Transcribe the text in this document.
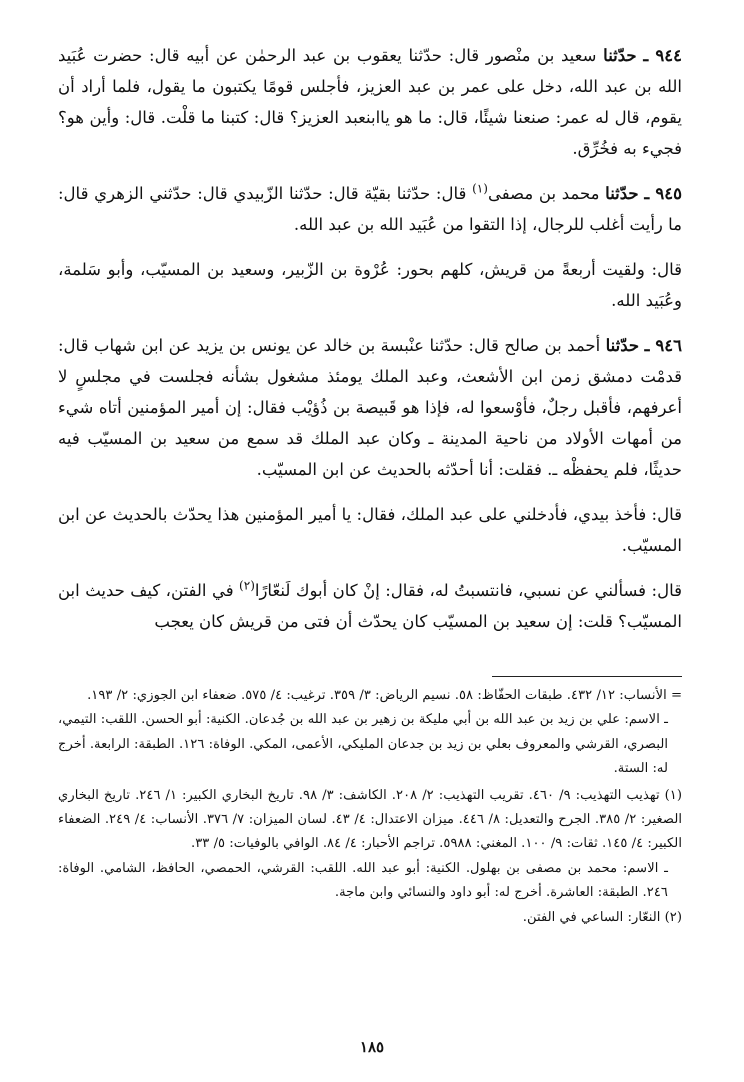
٩٤٤ ـ حدّثنا سعيد بن منْصور قال: حدّثنا يعقوب بن عبد الرحمٰن عن أبيه قال: حضرت عُبَيد الله بن عبد الله، دخل على عمر بن عبد العزيز، فأجلس قومًا يكتبون ما يقول، فلما أراد أن يقوم، قال له عمر: صنعنا شيئًا، قال: ما هو ياابنعبد العزيز؟ قال: كتبنا ما قلْت. قال: وأين هو؟ فجيء به فخُرِّق.

٩٤٥ ـ حدّثنا محمد بن مصفى$^{(١)}$ قال: حدّثنا بقيّة قال: حدّثنا الزّبيدي قال: حدّثني الزهري قال: ما رأيت أغلب للرجال، إذا التقوا من عُبَيد الله بن عبد الله.

قال: ولقيت أربعةً من قريش، كلهم بحور: عُرْوة بن الزّبير، وسعيد بن المسيّب، وأبو سَلمة، وعُبَيد الله.

٩٤٦ ـ حدّثنا أحمد بن صالح قال: حدّثنا عنْبسة بن خالد عن يونس بن يزيد عن ابن شهاب قال: قدمْت دمشق زمن ابن الأشعث، وعبد الملك يومئذ مشغول بشأنه فجلست في مجلسٍ لا أعرفهم، فأقبل رجلٌ، فأوْسعوا له، فإذا هو قَبيصة بن ذُؤيْب فقال: إن أمير المؤمنين أتاه شيء من أمهات الأولاد من ناحية المدينة ـ وكان عبد الملك قد سمع من سعيد بن المسيّب فيه حديثًا، فلم يحفظْه ـ. فقلت: أنا أحدّثه بالحديث عن ابن المسيّب.

قال: فأخذ بيدي، فأدخلني على عبد الملك، فقال: يا أمير المؤمنين هذا يحدّث بالحديث عن ابن المسيّب.

قال: فسألني عن نسبي، فانتسبتُ له، فقال: إنْ كان أبوك لَنعّارًا$^{(٢)}$ في الفتن، كيف حديث ابن المسيّب؟ قلت: إن سعيد بن المسيّب كان يحدّث أن فتى من قريش كان يعجب

= الأنساب: ١٢/ ٤٣٢. طبقات الحفّاظ: ٥٨. نسيم الرياض: ٣/ ٣٥٩. ترغيب: ٤/ ٥٧٥. ضعفاء ابن الجوزي: ٢/ ١٩٣.

ـ الاسم: علي بن زيد بن عبد الله بن أبي مليكة بن زهير بن عبد الله بن جُدعان. الكنية: أبو الحسن. اللقب: التيمي، البصري، القرشي والمعروف بعلي بن زيد بن جدعان المليكي، الأعمى، المكي. الوفاة: ١٢٦. الطبقة: الرابعة. أخرج له: الستة.

(١) تهذيب التهذيب: ٩/ ٤٦٠. تقريب التهذيب: ٢/ ٢٠٨. الكاشف: ٣/ ٩٨. تاريخ البخاري الكبير: ١/ ٢٤٦. تاريخ البخاري الصغير: ٢/ ٣٨٥. الجرح والتعديل: ٨/ ٤٤٦. ميزان الاعتدال: ٤/ ٤٣. لسان الميزان: ٧/ ٣٧٦. الأنساب: ٤/ ٢٤٩. الضعفاء الكبير: ٤/ ١٤٥. ثقات: ٩/ ١٠٠. المغني: ٥٩٨٨. تراجم الأحبار: ٤/ ٨٤. الوافي بالوفيات: ٥/ ٣٣.

ـ الاسم: محمد بن مصفى بن بهلول. الكنية: أبو عبد الله. اللقب: القرشي، الحمصي، الحافظ، الشامي. الوفاة: ٢٤٦. الطبقة: العاشرة. أخرج له: أبو داود والنسائي وابن ماجة.

(٢) النعّار: الساعي في الفتن.

١٨٥
